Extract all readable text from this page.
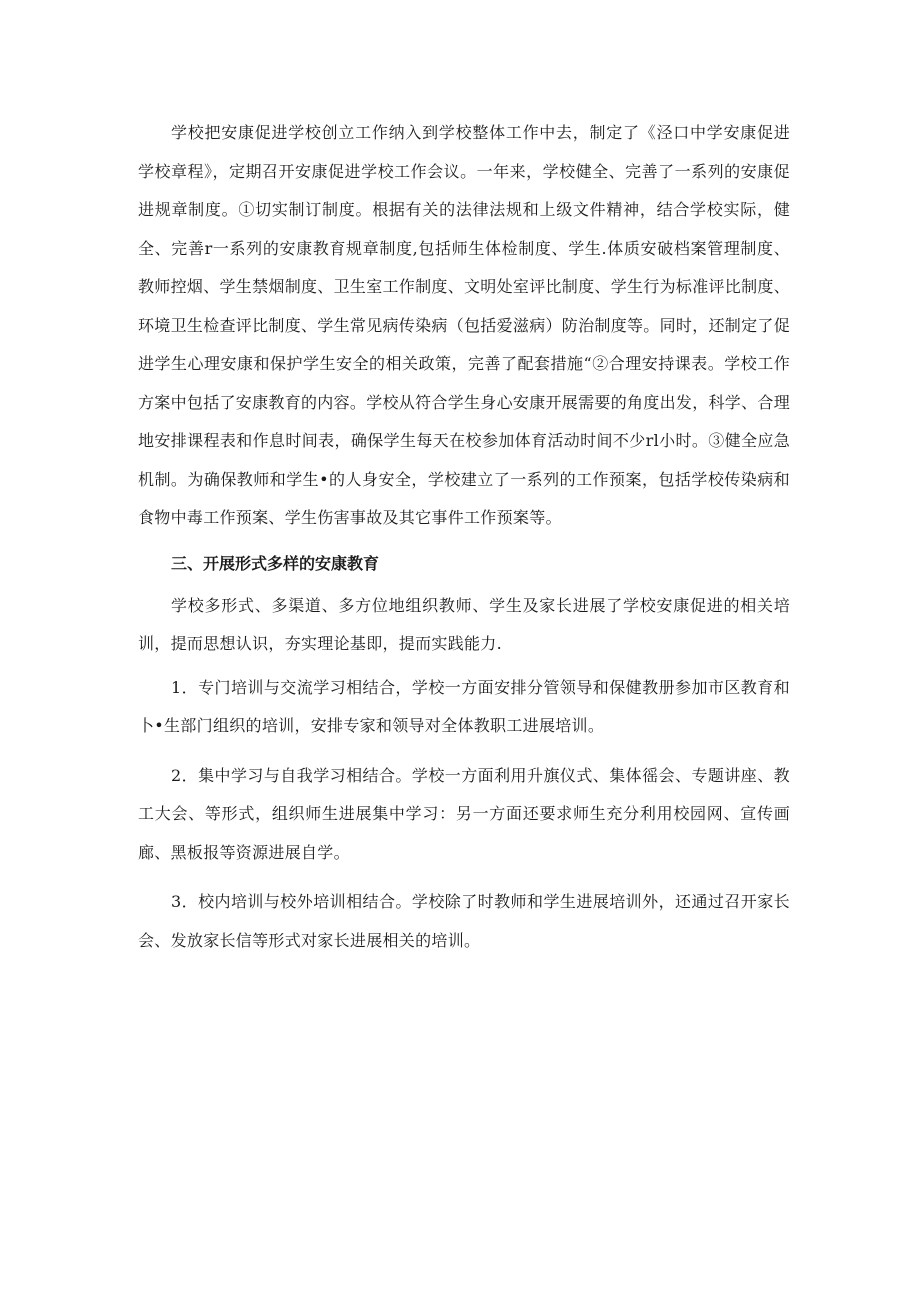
学校把安康促进学校创立工作纳入到学校整体工作中去，制定了《泾口中学安康促进学校章程》，定期召开安康促进学校工作会议。一年来，学校健全、完善了一系列的安康促进规章制度。①切实制订制度。根据有关的法律法规和上级文件精神，结合学校实际，健全、完善r一系列的安康教育规章制度,包括师生体检制度、学生.体质安破档案管理制度、教师控烟、学生禁烟制度、卫生室工作制度、文明处室评比制度、学生行为标准评比制度、环境卫生检查评比制度、学生常见病传染病（包括爱滋病）防治制度等。同时，还制定了促进学生心理安康和保护学生安全的相关政策，完善了配套措施“②合理安持课表。学校工作方案中包括了安康教育的内容。学校从符合学生身心安康开展需要的角度出发，科学、合理地安排课程表和作息时间表，确保学生每天在校参加体育活动时间不少rl小时。③健全应急机制。为确保教师和学生•的人身安全，学校建立了一系列的工作预案，包括学校传染病和食物中毒工作预案、学生伤害事故及其它事件工作预案等。

三、开展形式多样的安康教育

学校多形式、多渠道、多方位地组织教师、学生及家长进展了学校安康促进的相关培训，提而思想认识，夯实理论基即，提而实践能力.

1．专门培训与交流学习相结合，学校一方面安排分管领导和保健教册参加市区教育和卜•生部门组织的培训，安排专家和领导对全体教职工进展培训。

2．集中学习与自我学习相结合。学校一方面利用升旗仪式、集体徭会、专题讲座、教工大会、等形式，组织师生进展集中学习：另一方面还要求师生充分利用校园网、宣传画廊、黑板报等资源进展自学。

3．校内培训与校外培训相结合。学校除了时教师和学生进展培训外，还通过召开家长会、发放家长信等形式对家长进展相关的培训。
